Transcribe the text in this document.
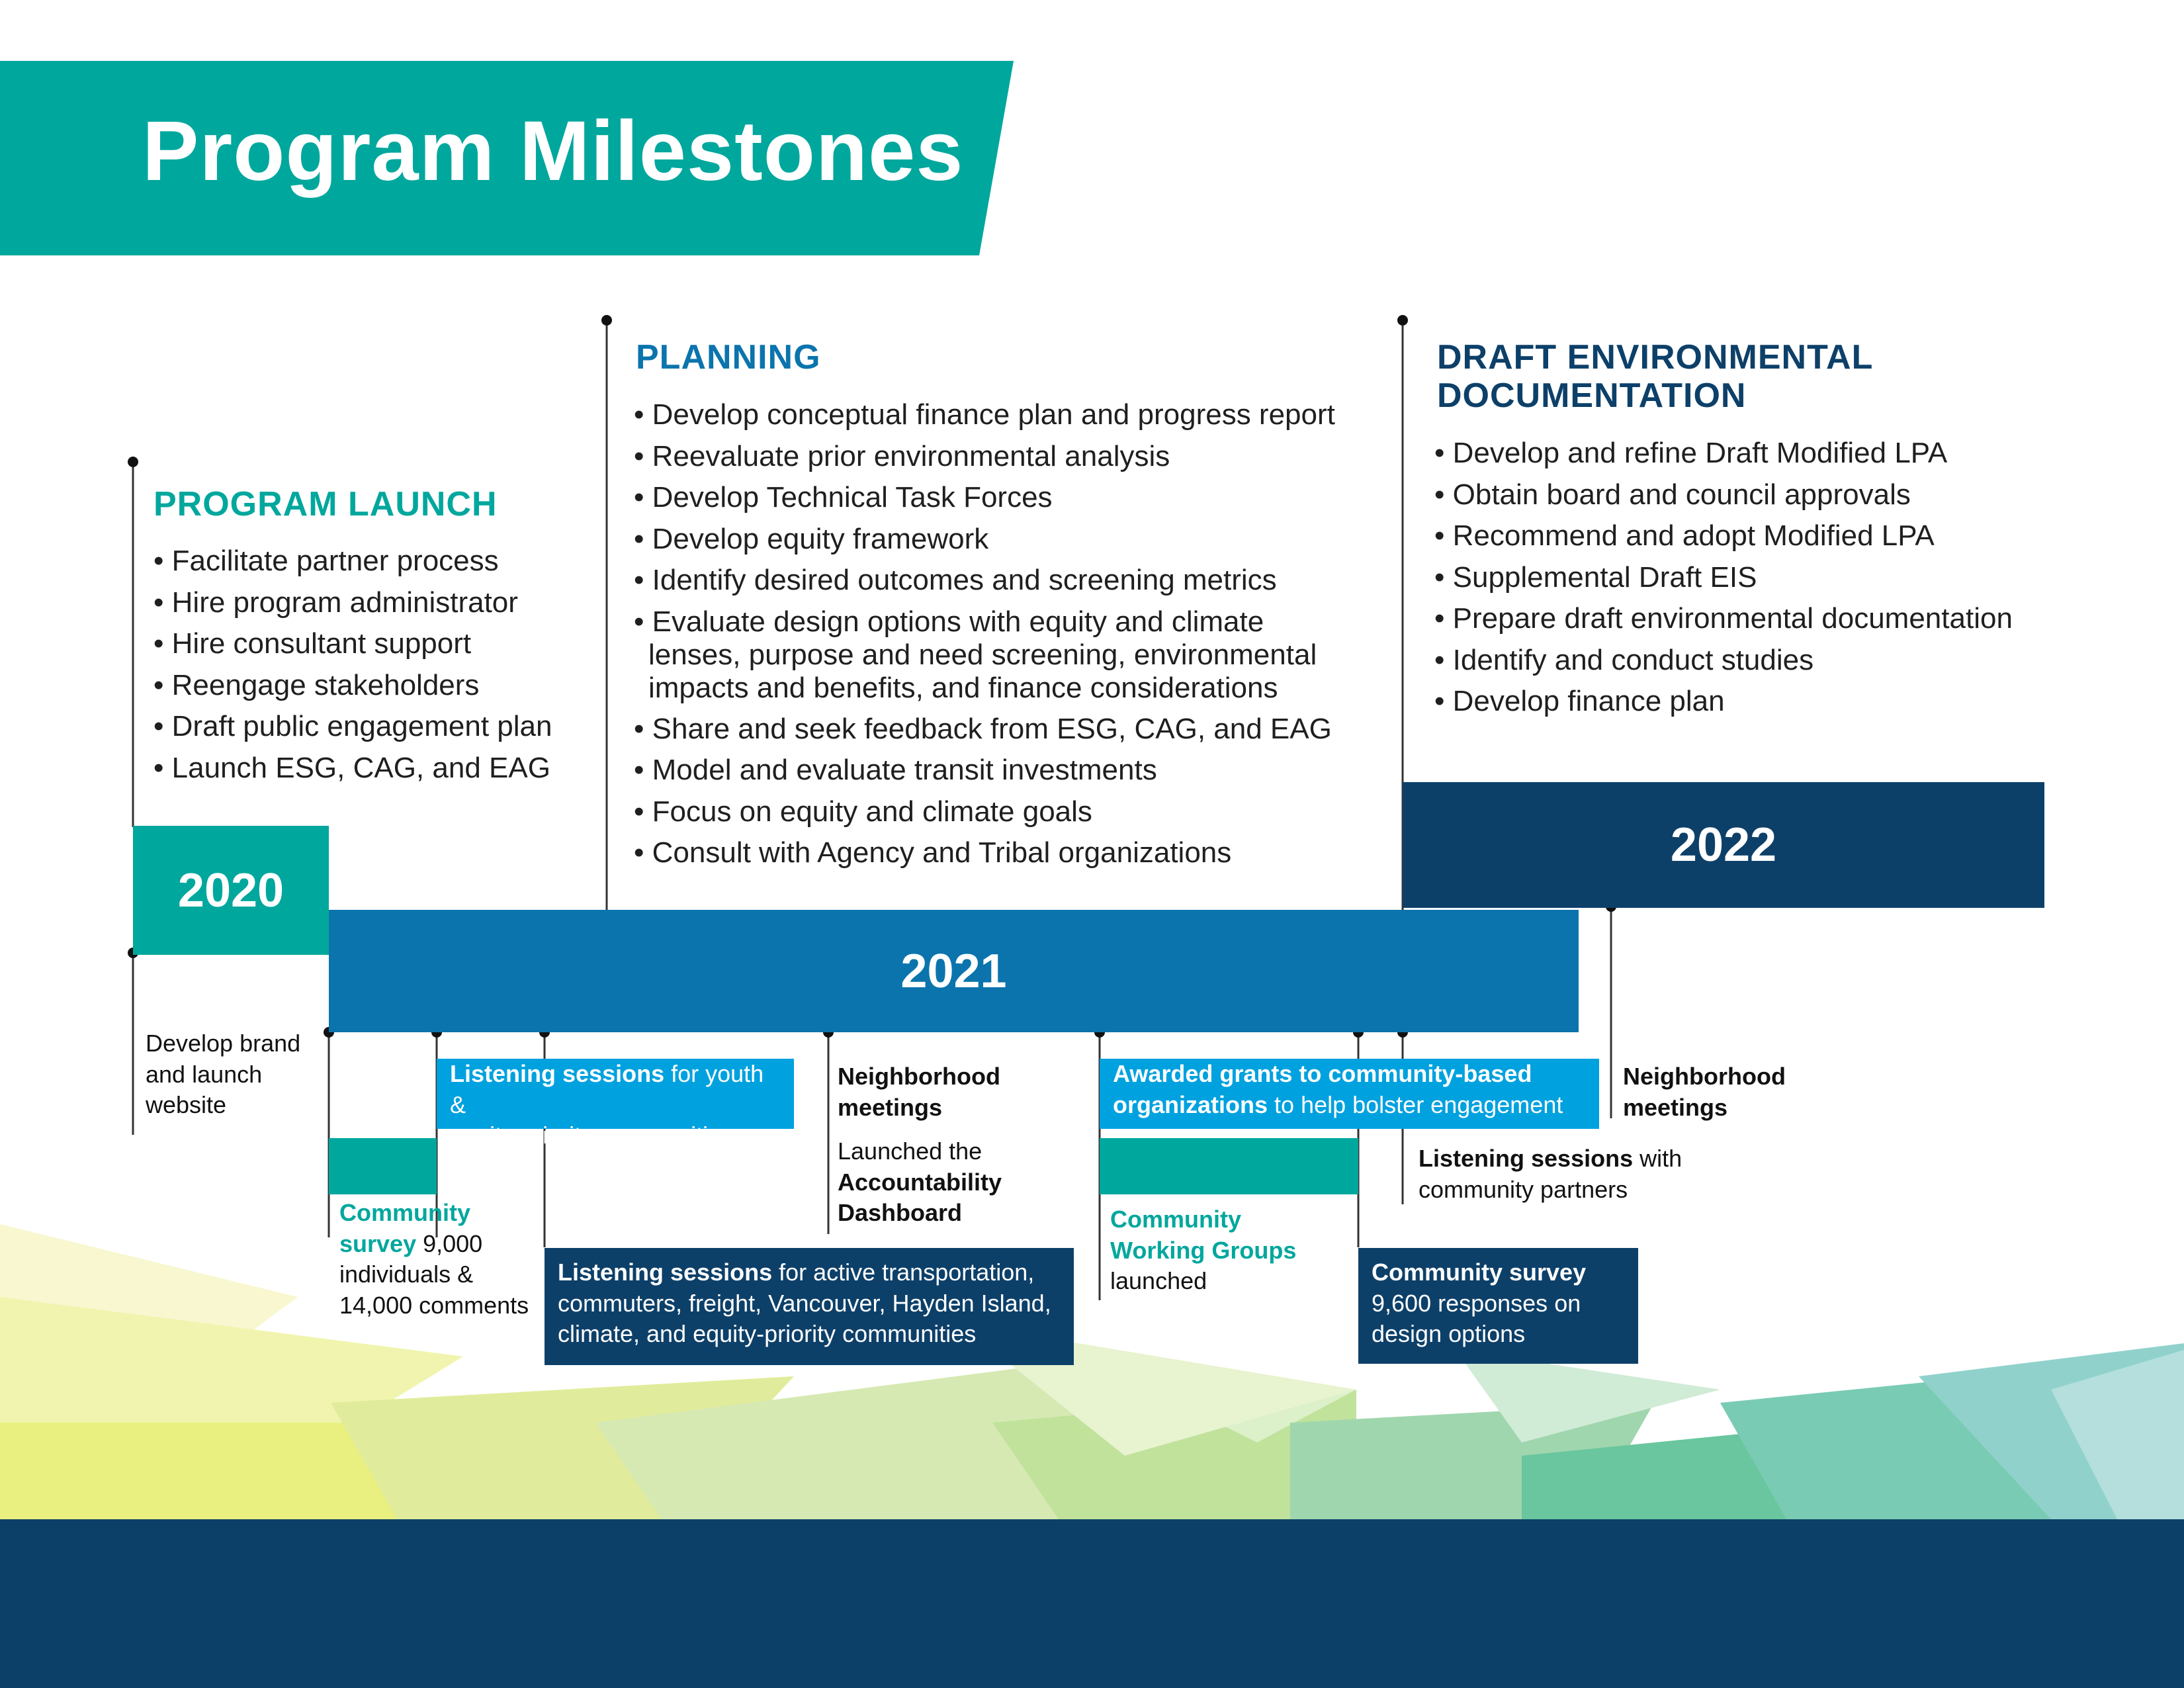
Program Milestones
PROGRAM LAUNCH
• Facilitate partner process
• Hire program administrator
• Hire consultant support
• Reengage stakeholders
• Draft public engagement plan
• Launch ESG, CAG, and EAG
PLANNING
• Develop conceptual finance plan and progress report
• Reevaluate prior environmental analysis
• Develop Technical Task Forces
• Develop equity framework
• Identify desired outcomes and screening metrics
• Evaluate design options with equity and climate
lenses, purpose and need screening, environmental
impacts and benefits, and finance considerations
• Share and seek feedback from ESG, CAG, and EAG
• Model and evaluate transit investments
• Focus on equity and climate goals
• Consult with Agency and Tribal organizations
DRAFT ENVIRONMENTAL
DOCUMENTATION
• Develop and refine Draft Modified LPA
• Obtain board and council approvals
• Recommend and adopt Modified LPA
• Supplemental Draft EIS
• Prepare draft environmental documentation
• Identify and conduct studies
• Develop finance plan
2020
2021
2022
Develop brand
and launch
website
Community
survey 9,000
individuals &
14,000 comments
Listening sessions for youth &
equity-priority communities
Listening sessions for active transportation,
commuters, freight, Vancouver, Hayden Island,
climate, and equity-priority communities
Neighborhood
meetings
Launched the
Accountability
Dashboard
Awarded grants to community-based
organizations to help bolster engagement
Community
Working Groups
launched	Community survey
9,600 responses on
design options
Listening sessions with
community partners
Neighborhood
meetings
